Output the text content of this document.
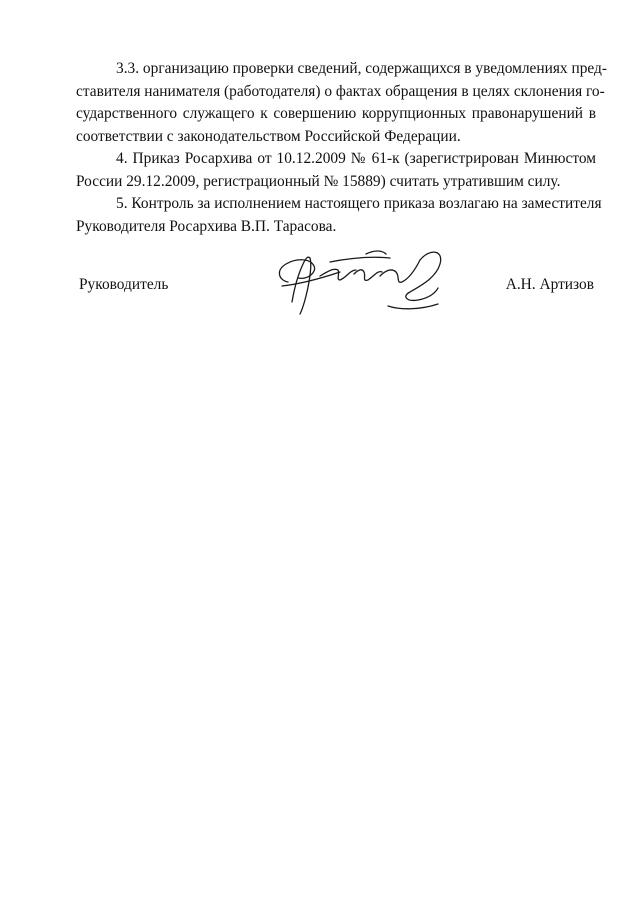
3.3. организацию проверки сведений, содержащихся в уведомлениях пред-
ставителя нанимателя (работодателя) о фактах обращения в целях склонения го-
сударственного служащего к совершению коррупционных правонарушений в
соответствии с законодательством Российской Федерации.
4. Приказ Росархива от 10.12.2009 № 61-к (зарегистрирован Минюстом
России 29.12.2009, регистрационный № 15889) считать утратившим силу.
5. Контроль за исполнением настоящего приказа возлагаю на заместителя
Руководителя Росархива В.П. Тарасова.
Руководитель	А.Н. Артизов
